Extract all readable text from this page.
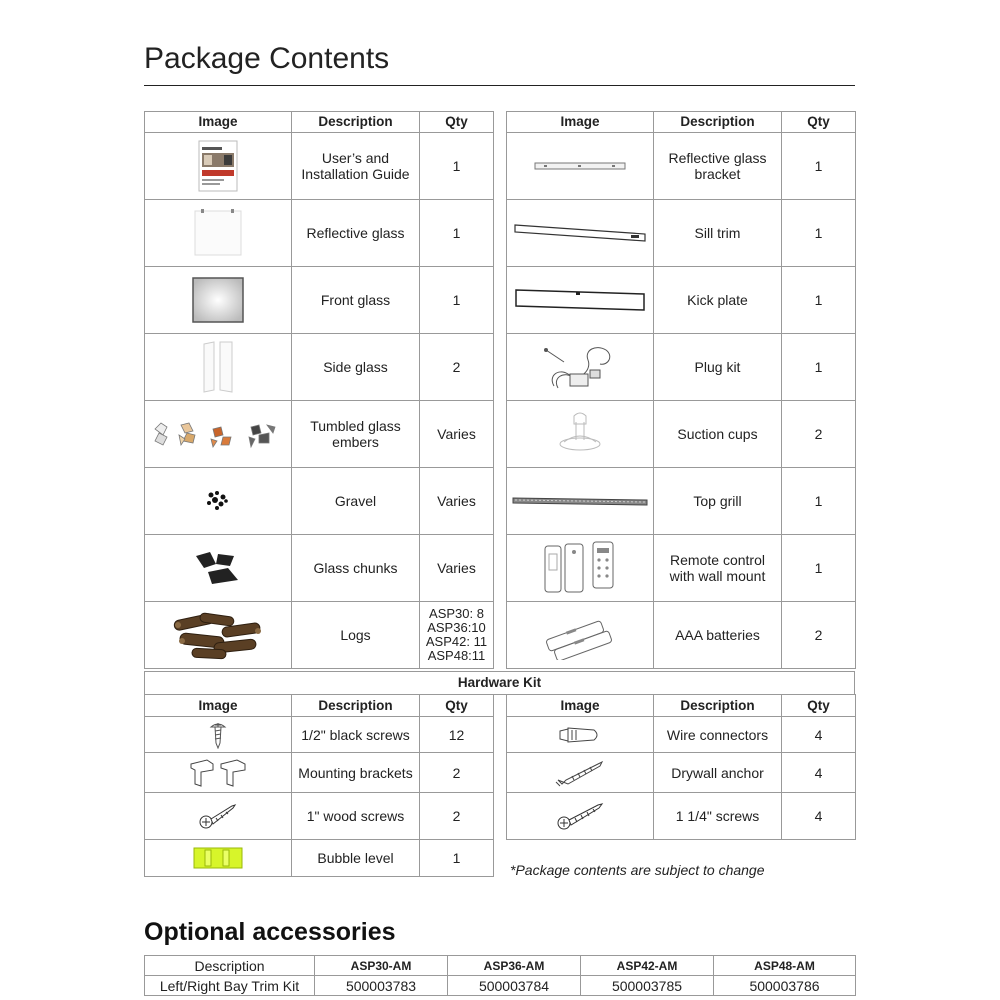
Package Contents
Image	Description	Qty

	User’s and
Installation Guide	1

	Reflective glass	1

	Front glass	1

	Side glass	2

	Tumbled glass
embers	Varies

	Gravel	Varies

	Glass chunks	Varies

	Logs	ASP30: 8
ASP36:10
ASP42: 11
ASP48:11
Image	Description	Qty

	Reflective glass
bracket	1

	Sill trim	1

	Kick plate	1

	Plug kit	1

	Suction cups	2

	Top grill	1

	Remote control
with wall mount	1

	AAA batteries	2
Hardware Kit
Image	Description	Qty

	1/2" black screws	12

	Mounting brackets	2

	1" wood screws	2

	Bubble level	1
Image	Description	Qty

	Wire connectors	4

	Drywall anchor	4

	1 1/4" screws	4
*Package contents are subject to change
Optional accessories
Description	ASP30-AM	ASP36-AM	ASP42-AM	ASP48-AM
Left/Right Bay Trim Kit	500003783	500003784	500003785	500003786
